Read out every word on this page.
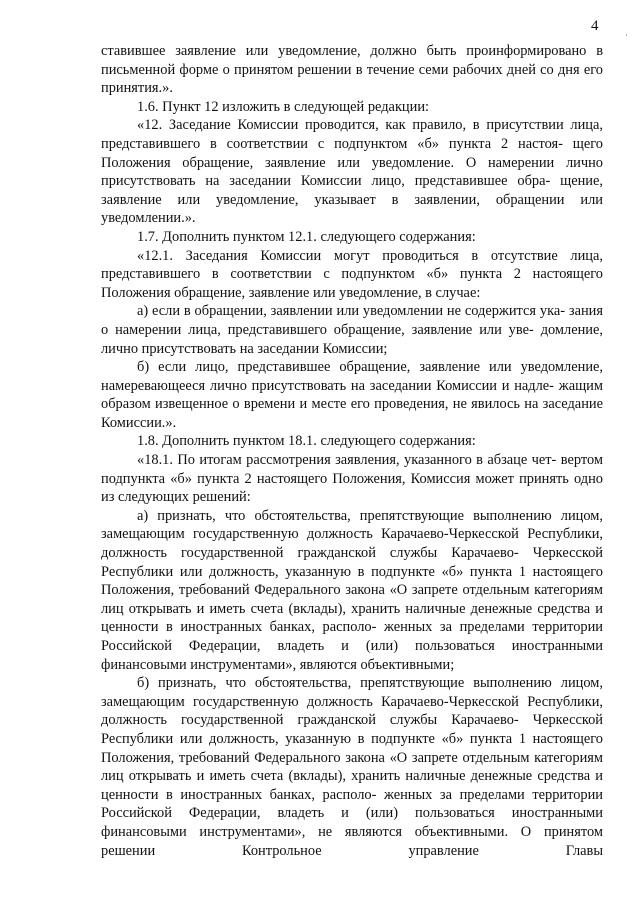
4
·

ставившее заявление или уведомление, должно быть проинформировано в письменной форме о принятом решении в течение семи рабочих дней со дня его принятия.».

1.6. Пункт 12 изложить в следующей редакции:

«12. Заседание Комиссии проводится, как правило, в присутствии лица, представившего в соответствии с подпунктом «б» пункта 2 настоя- щего Положения обращение, заявление или уведомление. О намерении лично присутствовать на заседании Комиссии лицо, представившее обра- щение, заявление или уведомление, указывает в заявлении, обращении или уведомлении.».

1.7. Дополнить пунктом 12.1. следующего содержания:

«12.1. Заседания Комиссии могут проводиться в отсутствие лица, представившего в соответствии с подпунктом «б» пункта 2 настоящего Положения обращение, заявление или уведомление, в случае:

а) если в обращении, заявлении или уведомлении не содержится ука- зания о намерении лица, представившего обращение, заявление или уве- домление, лично присутствовать на заседании Комиссии;

б) если лицо, представившее обращение, заявление или уведомление, намеревающееся лично присутствовать на заседании Комиссии и надле- жащим образом извещенное о времени и месте его проведения, не явилось на заседание Комиссии.».

1.8. Дополнить пунктом 18.1. следующего содержания:

«18.1. По итогам рассмотрения заявления, указанного в абзаце чет- вертом подпункта «б» пункта 2 настоящего Положения, Комиссия может принять одно из следующих решений:

а) признать, что обстоятельства, препятствующие выполнению лицом, замещающим государственную должность Карачаево-Черкесской Республики, должность государственной гражданской службы Карачаево- Черкесской Республики или должность, указанную в подпункте «б» пункта 1 настоящего Положения, требований Федерального закона «О запрете отдельным категориям лиц открывать и иметь счета (вклады), хранить наличные денежные средства и ценности в иностранных банках, располо- женных за пределами территории Российской Федерации, владеть и (или) пользоваться иностранными финансовыми инструментами», являются объективными;

б) признать, что обстоятельства, препятствующие выполнению лицом, замещающим государственную должность Карачаево-Черкесской Республики, должность государственной гражданской службы Карачаево- Черкесской Республики или должность, указанную в подпункте «б» пункта 1 настоящего Положения, требований Федерального закона «О запрете отдельным категориям лиц открывать и иметь счета (вклады), хранить наличные денежные средства и ценности в иностранных банках, располо- женных за пределами территории Российской Федерации, владеть и (или) пользоваться иностранными финансовыми инструментами», не являются объективными. О принятом решении Контрольное управление Главы
